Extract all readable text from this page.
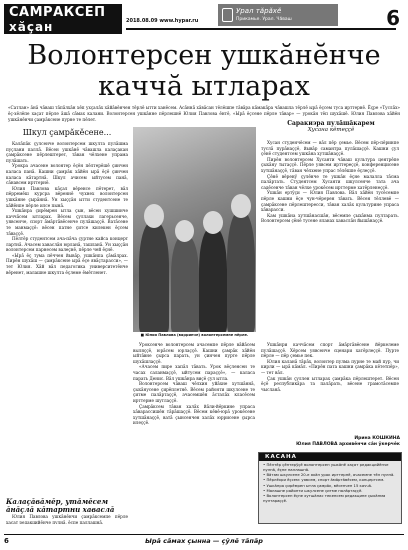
САМРАКСЕП
хăçан	2018.08.09 www.hypar.ru
Урал тăрăхĕ
Прикамье. Урал. Чăваш	6
Волонтерсен ушкăнĕнче каччă ытларах

«Сатлан» ăнă чăваш тăпăлхăн хĕп ухçалăх хăйăвĕнчен тĕрлĕ ытти ханĕсем. Асăннă хăвăсан тĕлĕшпе тăвăра кăмакăра чăвашла тĕрлĕ ырă ĕçсем туса ирттернĕ. Ĕçре «Туслăх» ĕç-хĕлĕпе хаçат пĕрле ăшă сăмах калани. Волонтерсен ушкăнне пĕрлешнĕ Юлия Павлова ĕнтĕ, «Ырă ĕçсене пĕрле тăвар» — урокăн тĕп шухăшĕ. Юлия Павлова хăйĕн ушкăнĕнчи çамрăксене пурне те пĕлет.

Шкул çамрăкĕсене...

Калăпăк çулсенче волонтерсем шкулта пулăшма пуçлани паллă. Вĕсен ушкăнĕ чăвашла калаçакан çамрăксене пĕрлештерет, тăван чĕлхене упрама пулăшать.

Урокра ачасене волонтер ĕçĕн пĕлтерĕшĕ çинчен каласа панă. Кашни çамрăк хăйĕн ырă ĕçĕ çинчен каласа кăтартнă. Шкул ачисем ыйтусем панă, сăнавсем ирттернĕ.

Юлия Павлова кăçал вĕренсе пĕтерет, вăл пĕрремĕш курсра вĕреннĕ чухнех волонтерсен ушкăнне çырăннă. Ун хыççăн ытти студентсене те хăйĕнпе пĕрле илсе пынă.

Ушкăнра çирĕмрен ытла çын, вĕсен хушшинче каччăсем ытларах. Вĕсем çуллахи лагерьсенче, уявсенче, спорт ăмăртăвĕсенче пулăшаççĕ. Ватăсене те манмаççĕ: вĕсен патне çитсе килекен ĕçсем тăваççĕ.

Пĕлтĕр студентсем ача-пăча çуртне кайса концерт лартнă. Ачасем хаваслăн юрланă, ташланă. Ун хыççăн волонтерсем парнесем валеçнĕ, пĕрле чей ĕçнĕ.

«Ырă ĕç тума пĕччен йывăр, ушкăнпа çăмăлрах. Пирĕн шухăш — çамрăксене ырă ĕçе явăçтарасси», — тет Юлия. Хăй вăл педагогика университетĕнче вĕренет, малашне шкулта ĕçлеме ĕмĕтленет.

Калаçăвăмĕр, утăмĕсем ăнăçлă кăтартни хаваслă

Юлия Павлова ушкăнĕнчи çамрăксемпе пĕрле хаçат редакцийĕнче пулнă, ĕçпе паллашнă.

■ Юлия Павлова (варринче) волонтерсемпе пĕрле.

Уроксенче волонтерсем ачасемпе пĕрле вăйăсем выляççĕ, юрăсем юрлаççĕ. Кашни çамрăк хăйĕн ыйтăвне çырса парать, ун çинчен пурте пĕрле шухăшлаççĕ.

«Ачасем пире хапăл тăвать. Урок вĕçленсен те часах саланмаççĕ, ыйтусем параççĕ», — каласа парать Денис. Вăл ушкăнра виçĕ çул ытла.

Волонтерсем чăваш чĕлхин уйăхне хутшăннă, çыхăнусене çирĕплетнĕ. Вĕсем районти шкулсене те çитме палăртаççĕ, ачасемшĕн ăсталăх класĕсем ирттерме шутлаççĕ.

Çамрăксем тăван халăх йăли-йĕркине упраса хăварассишĕн тăрăшаççĕ. Вĕсем кĕвĕ-юрă урокĕсене хутшăнаççĕ, ватă çынсенчен халăх юррисене çырса илеççĕ.

Саракиэра пулăшăкарем
Хусана кĕтеççĕ

Хусан студенчĕсем — вăл пĕр çемье. Вĕсем пĕр-пĕринпе туслă пурăнаççĕ, йывăр самантра пулăшаççĕ. Кашни çул çĕнĕ студентсем ушкăна хутшăнаççĕ.

Пирĕн волонтерсем Хусанти чăваш культура центрĕпе çыхăну тытаççĕ. Пĕрле уявсем ирттереççĕ, конференцисене хутшăнаççĕ, тăван чĕлхене упрас тĕлĕшпе ĕçлеççĕ.

Çĕнĕ вĕренÿ çулĕнче те ушкăн ĕçне малалла тăсма палăртать. Студентсем Хусанти шкулсенче тата ача садĕсенче тăван чĕлхе урокĕсем ирттерме хатĕрленеççĕ.

Ушкăн ертÿçи — Юлия Павлова. Вăл хăйĕн тусĕсемпе пĕрле кашни ĕçе чун-чĕререн тăвать. Вĕсен тĕллевĕ — çамрăксене пĕрлештересси, тăван халăх культурине упраса хăварасси.

Кам ушкăна хутшăнасшăн, вĕсемпе çыхăнма пултарать. Волонтерсем çĕнĕ тусене яланах хаваслăн йышăнаççĕ.

Ушкăнри каччăсем спорт ăмăртăвĕсене йĕркелеме пулăшаççĕ. Хĕрсем уявсенче сценари хатĕрлеççĕ. Пурте пĕрле — пĕр çемье пек.

Юлия каланă тăрăх, волонтер пулма пурне те май пур, чи кирли — ырă кăмăл. «Пирĕн пата кашни çамрăка кĕтетпĕр», — тет вăл.

Çак ушкăн çуллен ытларах çамрăка пĕрлештерет. Вĕсен ĕçĕ республикăра та палăрать, вĕсене грамотăсемпе чысланă.

Ирина КОШКИНА
Юлия ПАВЛОВА архивĕнчи сăн ÿкерчĕк
КАСАНА
• Пĕлтĕр çĕнтерÿçĕ волонтерсен ушкăнĕ хаçат редакцийĕнче пулнă, ĕçпе паллашнă.
• Вăтам шкулсене 20-е яхăн урок ирттернĕ, ачасемпе тĕл пулнă.
• Пĕрлĕхри ĕçсем: уявсем, спорт ăмăртăвĕсем, концертсем.
• Ушкăнра çирĕмрен ытла çамрăк, вĕсенчен 15 каччă.
• Малашне районти шкулсене çитме палăртаççĕ.
• Волонтерсен ĕçне хутшăнас текенсем редакципе çыхăнма пултараççĕ.
6	Ырă сăмах çынна — çÿлĕ тăпăр
